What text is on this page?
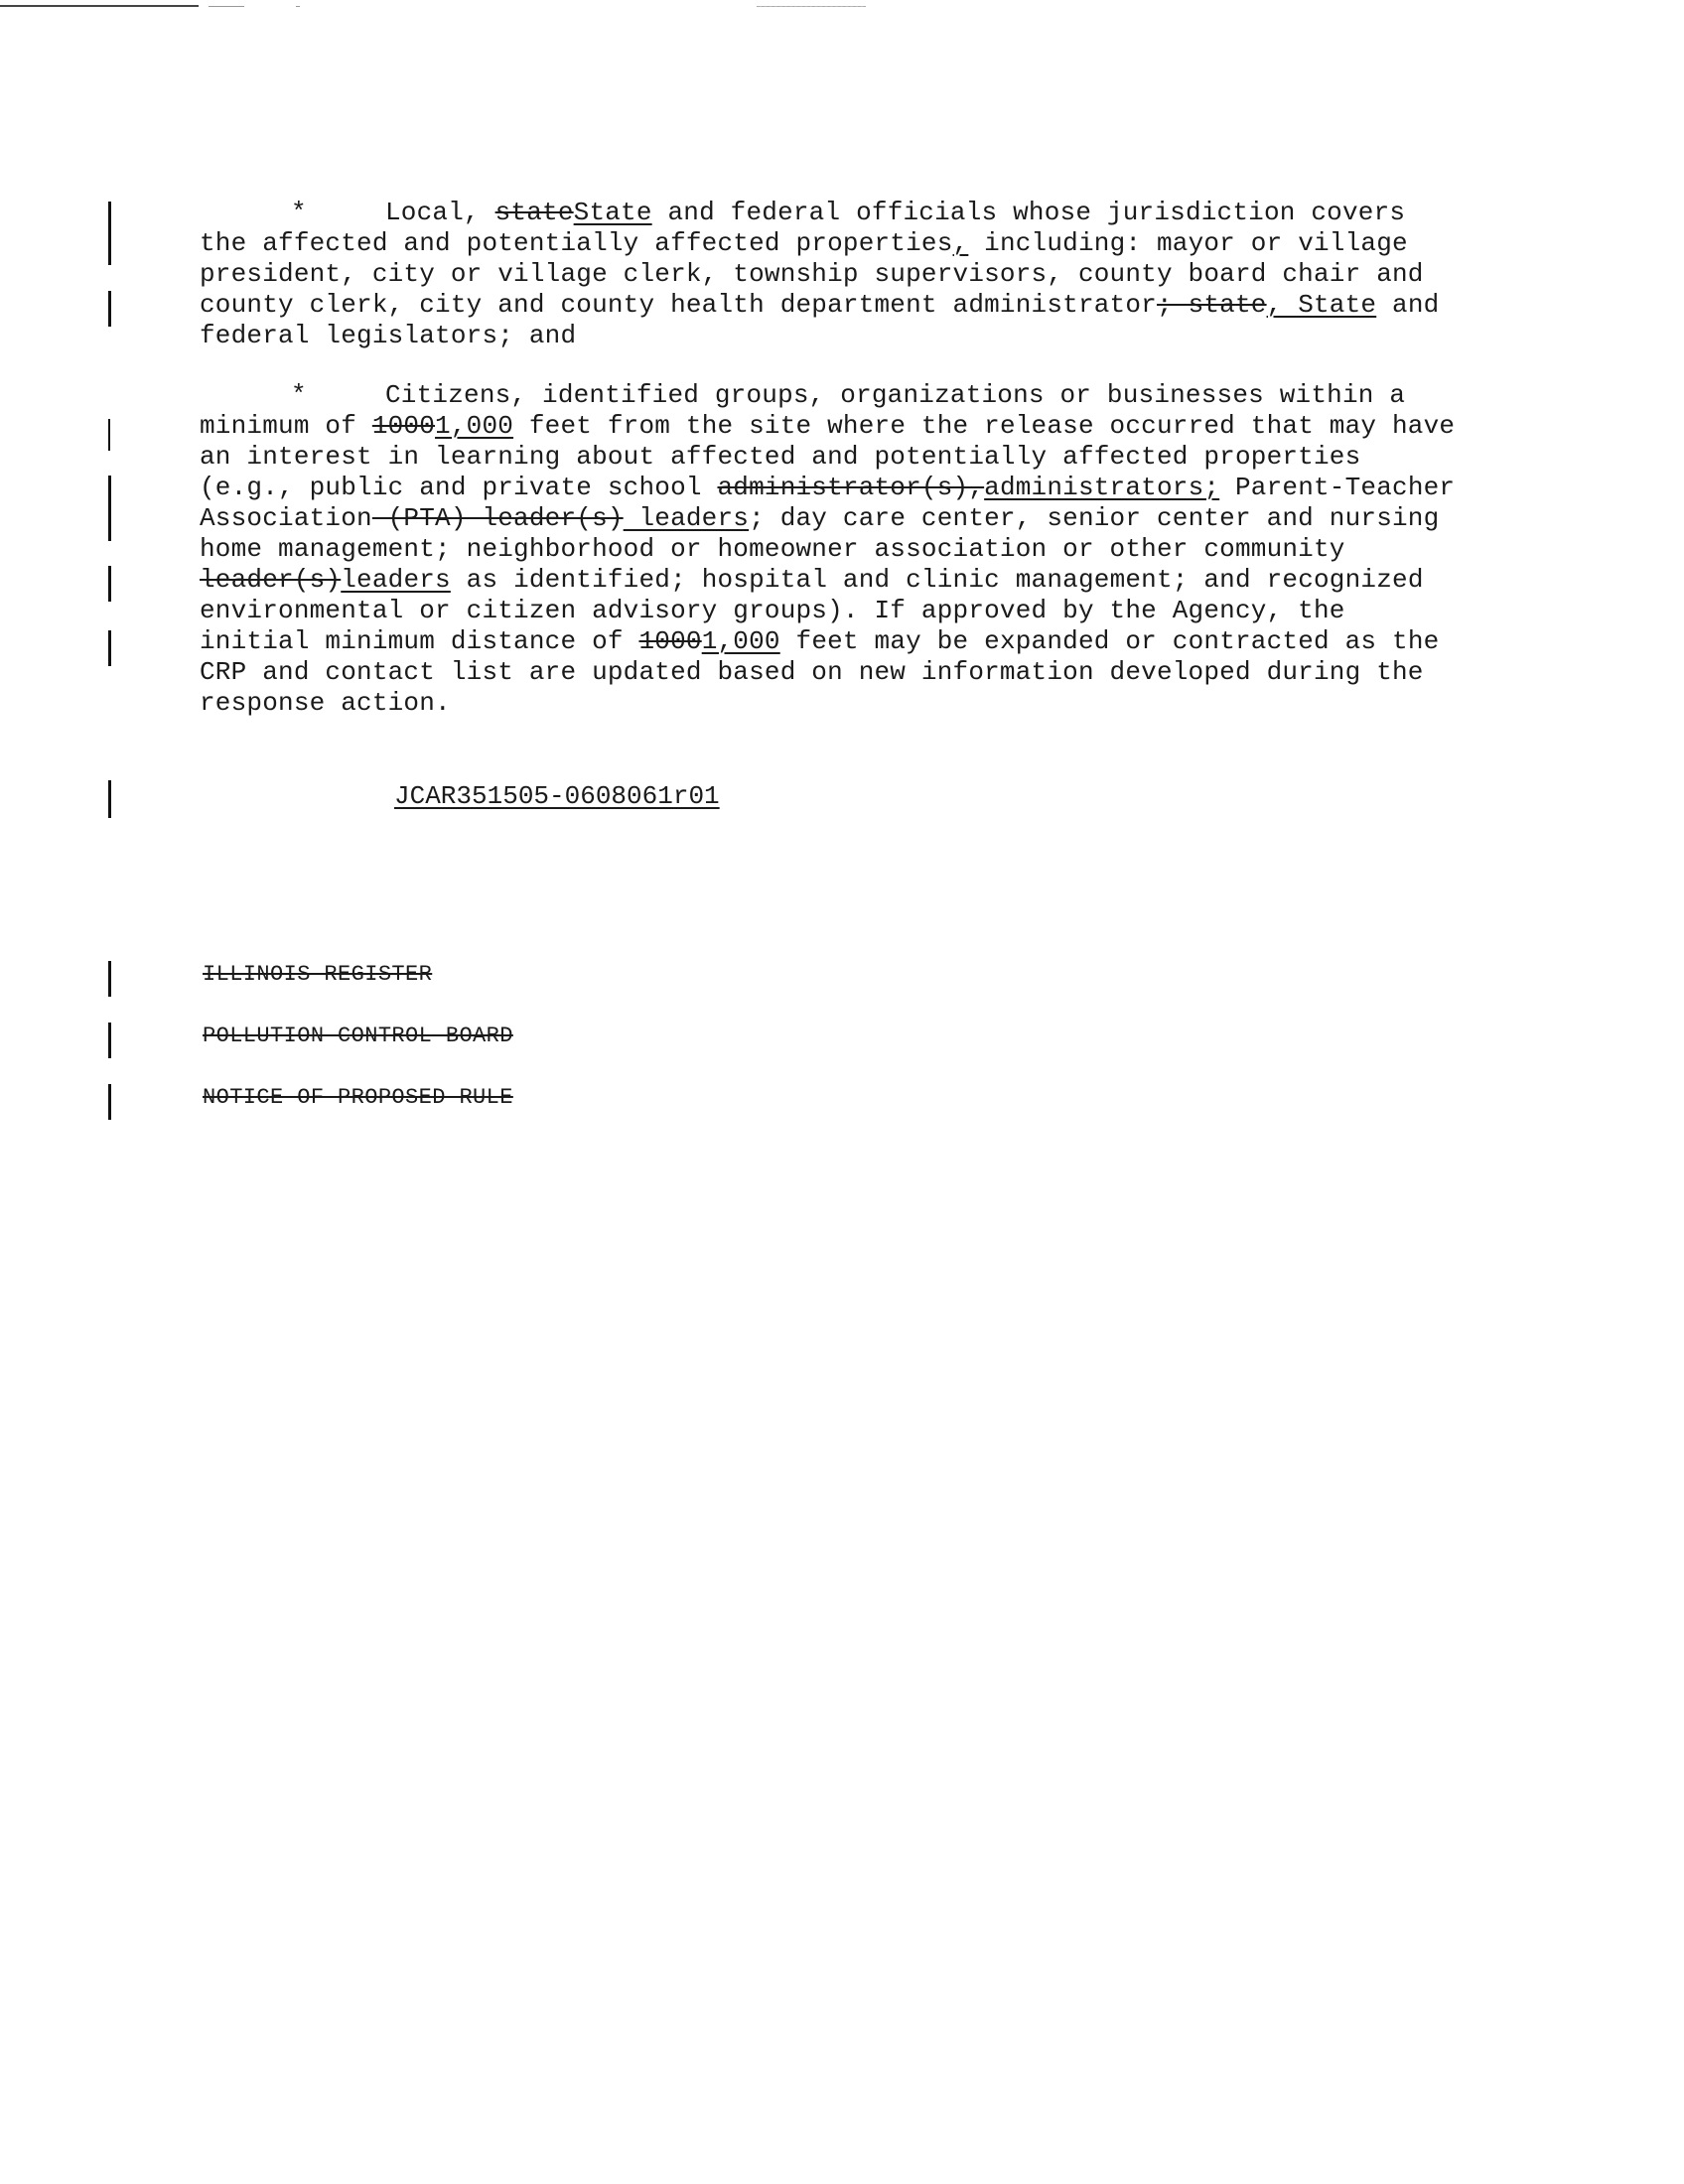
*	Local, stateState and federal officials whose jurisdiction covers
the affected and potentially affected properties, including: mayor or village
president, city or village clerk, township supervisors, county board chair and
county clerk, city and county health department administrator; state, State and
federal legislators; and
*	Citizens, identified groups, organizations or businesses within a
minimum of 10001,000 feet from the site where the release occurred that may have
an interest in learning about affected and potentially affected properties
(e.g., public and private school administrator(s),administrators; Parent-Teacher
Association (PTA) leader(s) leaders; day care center, senior center and nursing
home management; neighborhood or homeowner association or other community
leader(s)leaders as identified; hospital and clinic management; and recognized
environmental or citizen advisory groups). If approved by the Agency, the
initial minimum distance of 10001,000 feet may be expanded or contracted as the
CRP and contact list are updated based on new information developed during the
response action.
JCAR351505-0608061r01
ILLINOIS REGISTER
POLLUTION CONTROL BOARD
NOTICE OF PROPOSED RULE
